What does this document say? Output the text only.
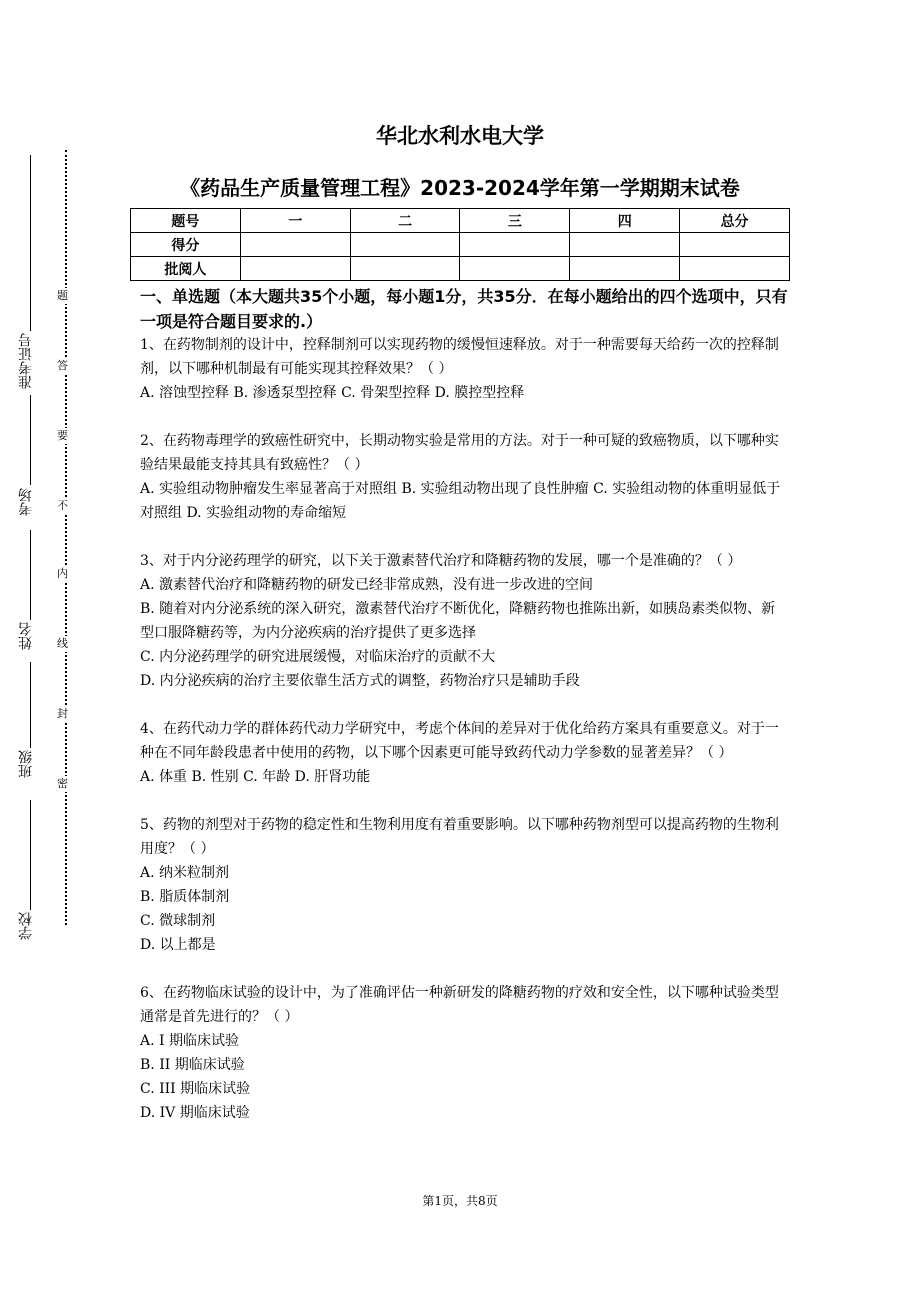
准考证号
考场
姓名
班级
学校
题
答
要
不
内
线
封
密
华北水利水电大学
《药品生产质量管理工程》2023-2024学年第一学期期末试卷
题号	一	二	三	四	总分
得分					
批阅人					
一、单选题（本大题共35个小题，每小题1分，共35分．在每小题给出的四个选项中，只有一项是符合题目要求的.）

1、在药物制剂的设计中，控释制剂可以实现药物的缓慢恒速释放。对于一种需要每天给药一次的控释制剂，以下哪种机制最有可能实现其控释效果？（ ）

A. 溶蚀型控释 B. 渗透泵型控释 C. 骨架型控释 D. 膜控型控释

2、在药物毒理学的致癌性研究中，长期动物实验是常用的方法。对于一种可疑的致癌物质，以下哪种实验结果最能支持其具有致癌性？（ ）

A. 实验组动物肿瘤发生率显著高于对照组 B. 实验组动物出现了良性肿瘤 C. 实验组动物的体重明显低于对照组 D. 实验组动物的寿命缩短

3、对于内分泌药理学的研究，以下关于激素替代治疗和降糖药物的发展，哪一个是准确的？（ ）

A. 激素替代治疗和降糖药物的研发已经非常成熟，没有进一步改进的空间

B. 随着对内分泌系统的深入研究，激素替代治疗不断优化，降糖药物也推陈出新，如胰岛素类似物、新型口服降糖药等，为内分泌疾病的治疗提供了更多选择

C. 内分泌药理学的研究进展缓慢，对临床治疗的贡献不大

D. 内分泌疾病的治疗主要依靠生活方式的调整，药物治疗只是辅助手段

4、在药代动力学的群体药代动力学研究中，考虑个体间的差异对于优化给药方案具有重要意义。对于一种在不同年龄段患者中使用的药物，以下哪个因素更可能导致药代动力学参数的显著差异？（ ）

A. 体重 B. 性别 C. 年龄 D. 肝肾功能

5、药物的剂型对于药物的稳定性和生物利用度有着重要影响。以下哪种药物剂型可以提高药物的生物利用度？（ ）

A. 纳米粒制剂

B. 脂质体制剂

C. 微球制剂

D. 以上都是

6、在药物临床试验的设计中，为了准确评估一种新研发的降糖药物的疗效和安全性，以下哪种试验类型通常是首先进行的？（ ）

A. I 期临床试验

B. II 期临床试验

C. III 期临床试验

D. IV 期临床试验

第1页，共8页
